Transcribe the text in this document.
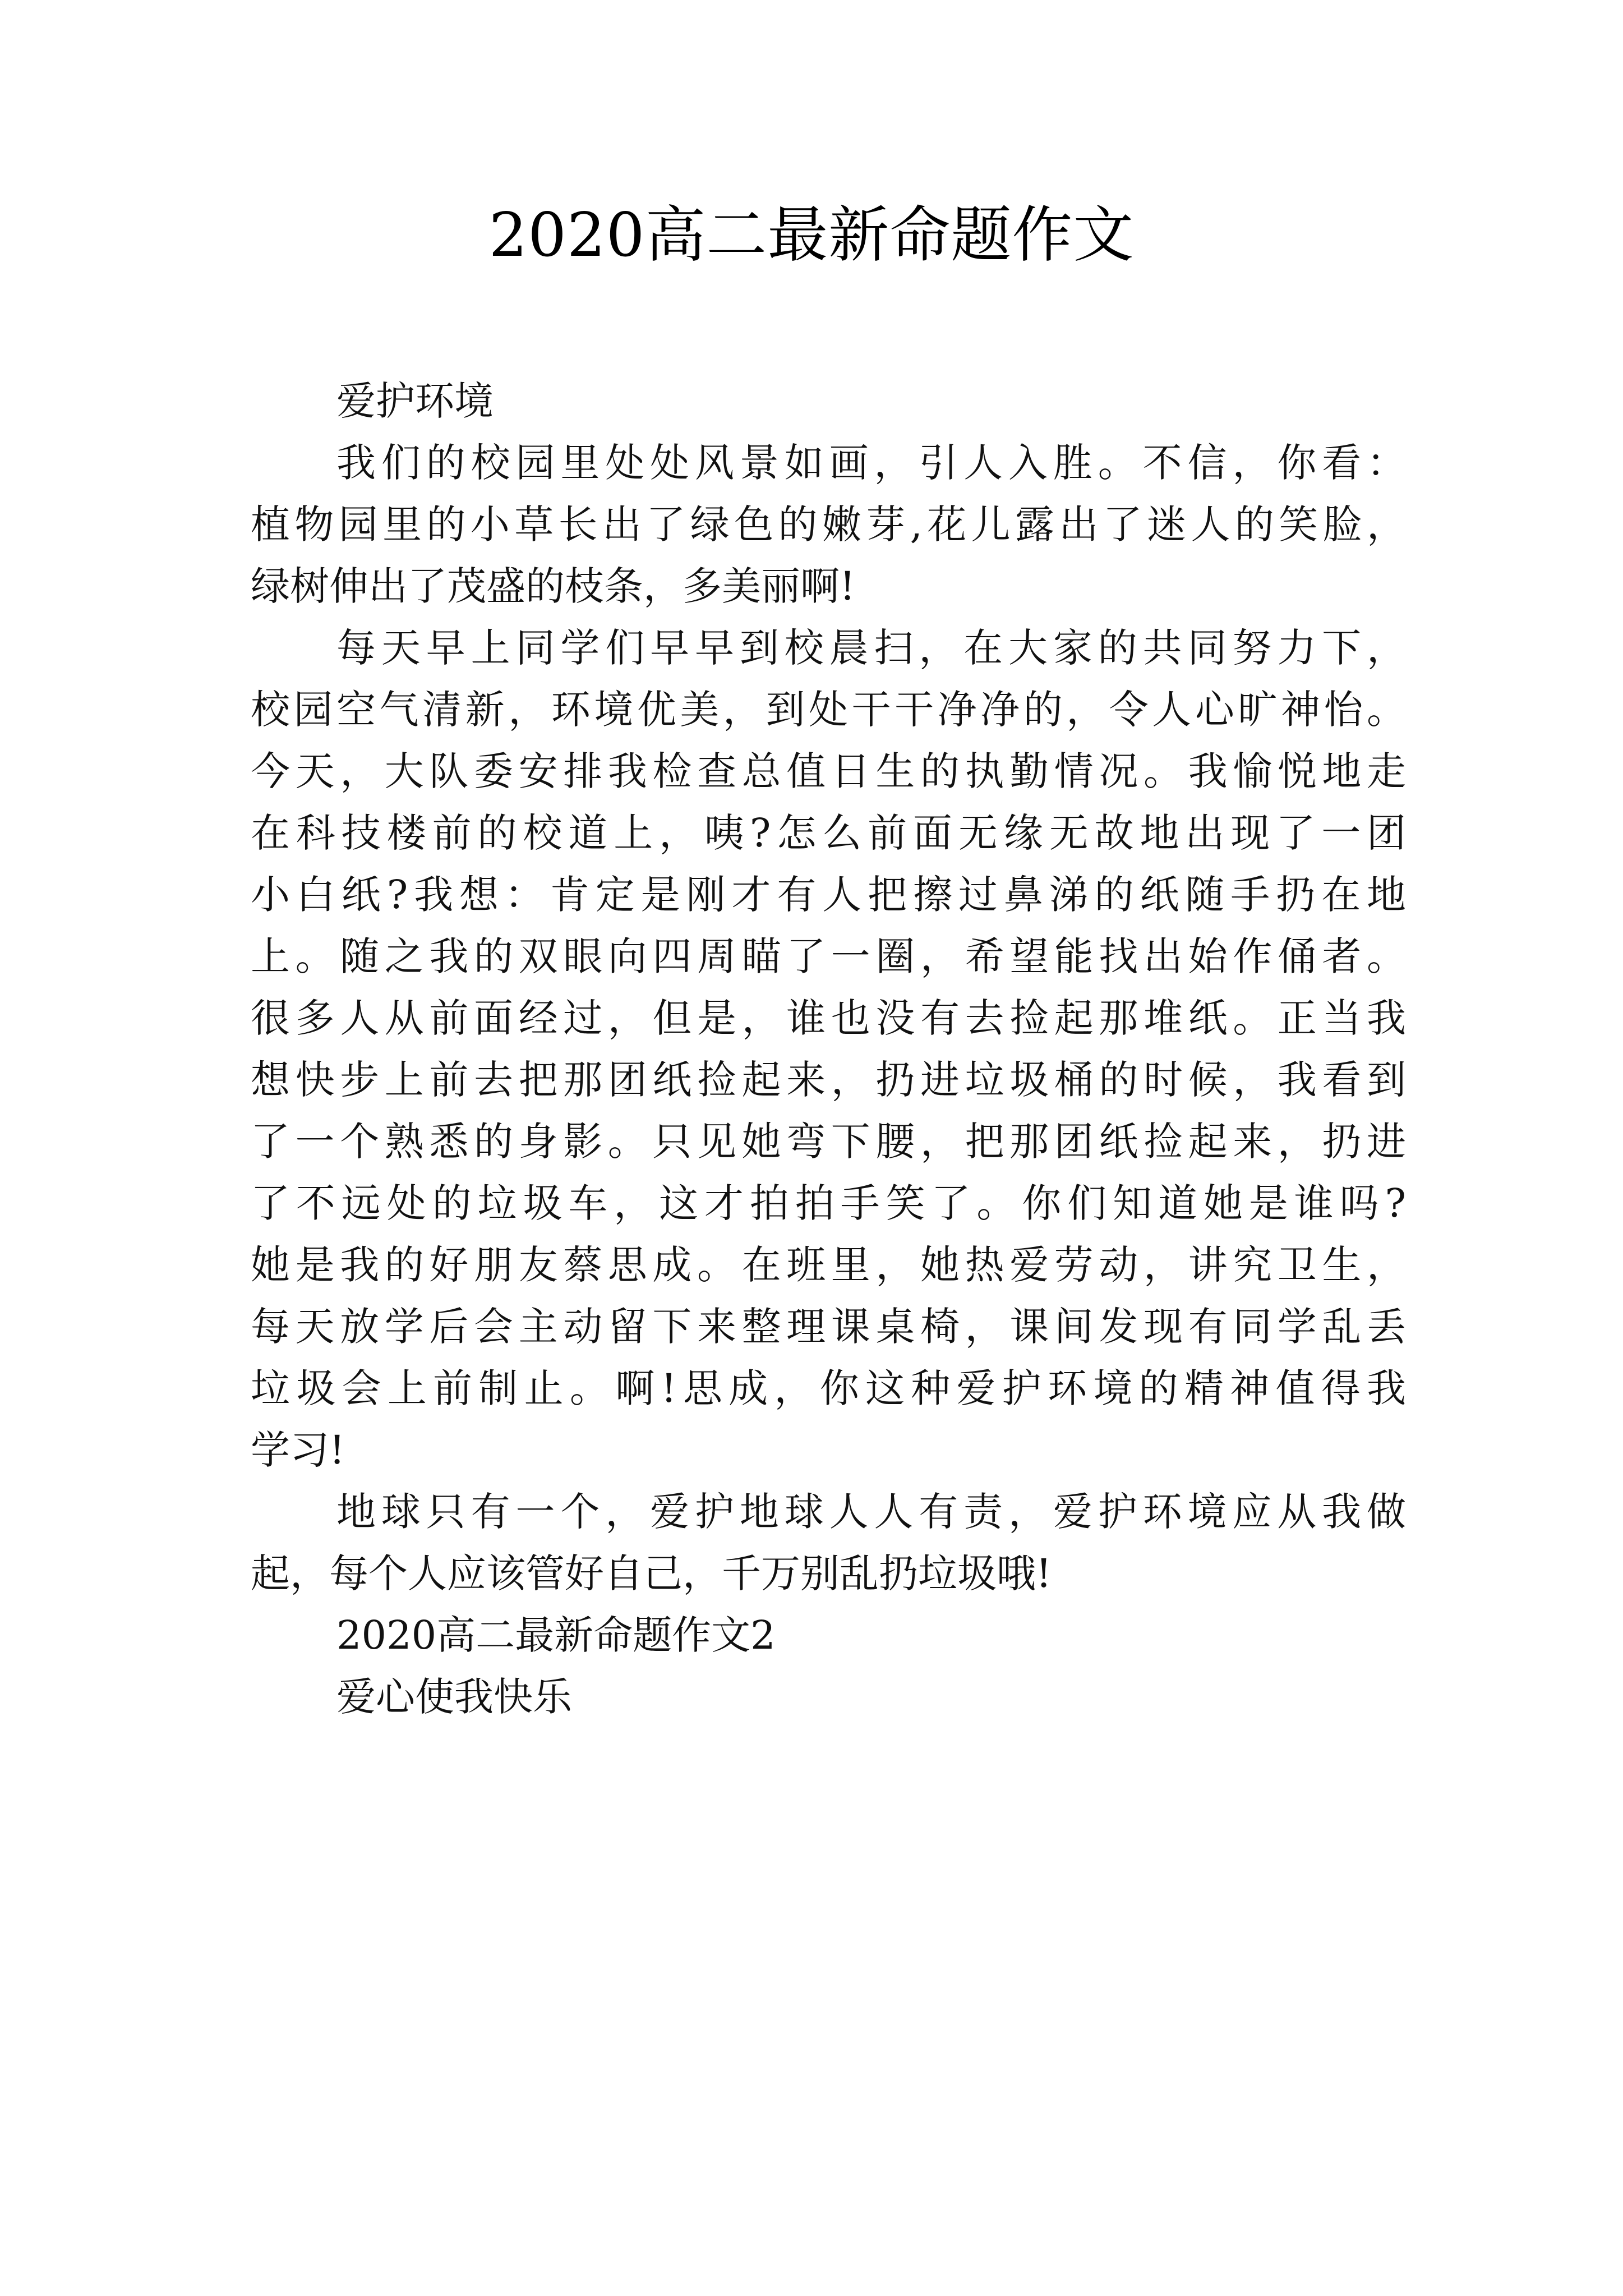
2020高二最新命题作文
爱护环境
我们的校园里处处风景如画，引人入胜。不信，你看：
植物园里的小草长出了绿色的嫩芽,花儿露出了迷人的笑脸，
绿树伸出了茂盛的枝条，多美丽啊!
每天早上同学们早早到校晨扫，在大家的共同努力下，
校园空气清新，环境优美，到处干干净净的，令人心旷神怡。
今天，大队委安排我检查总值日生的执勤情况。我愉悦地走
在科技楼前的校道上，咦?怎么前面无缘无故地出现了一团
小白纸?我想：肯定是刚才有人把擦过鼻涕的纸随手扔在地
上。随之我的双眼向四周瞄了一圈，希望能找出始作俑者。
很多人从前面经过，但是，谁也没有去捡起那堆纸。正当我
想快步上前去把那团纸捡起来，扔进垃圾桶的时候，我看到
了一个熟悉的身影。只见她弯下腰，把那团纸捡起来，扔进
了不远处的垃圾车，这才拍拍手笑了。你们知道她是谁吗?
她是我的好朋友蔡思成。在班里，她热爱劳动，讲究卫生，
每天放学后会主动留下来整理课桌椅，课间发现有同学乱丢
垃圾会上前制止。啊!思成，你这种爱护环境的精神值得我
学习!
地球只有一个，爱护地球人人有责，爱护环境应从我做
起，每个人应该管好自己，千万别乱扔垃圾哦!
2020高二最新命题作文2
爱心使我快乐
